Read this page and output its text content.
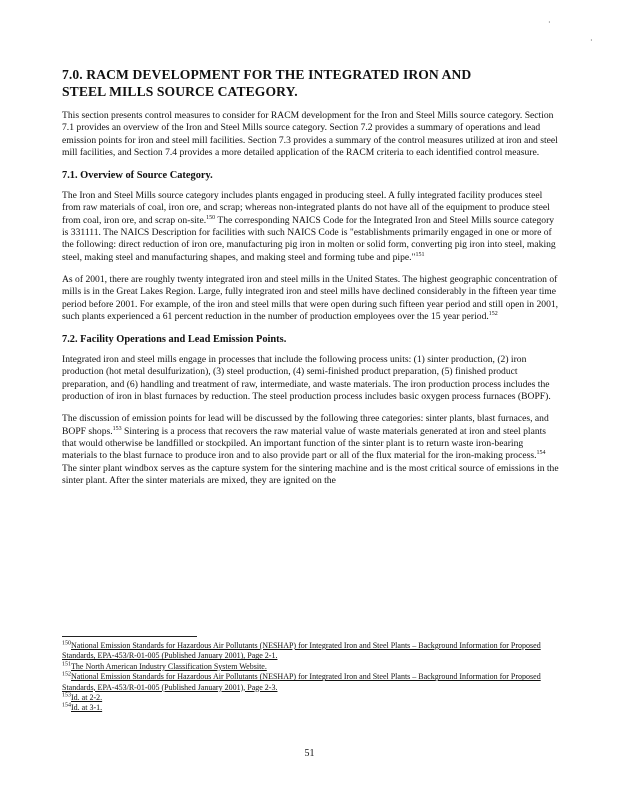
·
·
7.0. RACM DEVELOPMENT FOR THE INTEGRATED IRON AND
STEEL MILLS SOURCE CATEGORY.

This section presents control measures to consider for RACM development for the Iron and Steel Mills source category. Section 7.1 provides an overview of the Iron and Steel Mills source category. Section 7.2 provides a summary of operations and lead emission points for iron and steel mill facilities. Section 7.3 provides a summary of the control measures utilized at iron and steel mill facilities, and Section 7.4 provides a more detailed application of the RACM criteria to each identified control measure.

7.1. Overview of Source Category.

The Iron and Steel Mills source category includes plants engaged in producing steel. A fully integrated facility produces steel from raw materials of coal, iron ore, and scrap; whereas non-integrated plants do not have all of the equipment to produce steel from coal, iron ore, and scrap on-site.$^{150}$ The corresponding NAICS Code for the Integrated Iron and Steel Mills source category is 331111. The NAICS Description for facilities with such NAICS Code is "establishments primarily engaged in one or more of the following: direct reduction of iron ore, manufacturing pig iron in molten or solid form, converting pig iron into steel, making steel, making steel and manufacturing shapes, and making steel and forming tube and pipe."$^{151}$

As of 2001, there are roughly twenty integrated iron and steel mills in the United States. The highest geographic concentration of mills is in the Great Lakes Region. Large, fully integrated iron and steel mills have declined considerably in the fifteen year time period before 2001. For example, of the iron and steel mills that were open during such fifteen year period and still open in 2001, such plants experienced a 61 percent reduction in the number of production employees over the 15 year period.$^{152}$

7.2. Facility Operations and Lead Emission Points.

Integrated iron and steel mills engage in processes that include the following process units: (1) sinter production, (2) iron production (hot metal desulfurization), (3) steel production, (4) semi-finished product preparation, (5) finished product preparation, and (6) handling and treatment of raw, intermediate, and waste materials. The iron production process includes the production of iron in blast furnaces by reduction. The steel production process includes basic oxygen process furnaces (BOPF).

The discussion of emission points for lead will be discussed by the following three categories: sinter plants, blast furnaces, and BOPF shops.$^{153}$ Sintering is a process that recovers the raw material value of waste materials generated at iron and steel plants that would otherwise be landfilled or stockpiled. An important function of the sinter plant is to return waste iron-bearing materials to the blast furnace to produce iron and to also provide part or all of the flux material for the iron-making process.$^{154}$

The sinter plant windbox serves as the capture system for the sintering machine and is the most critical source of emissions in the sinter plant. After the sinter materials are mixed, they are ignited on the

$^{150}$National Emission Standards for Hazardous Air Pollutants (NESHAP) for Integrated Iron and Steel Plants – Background Information for Proposed Standards, EPA-453/R-01-005 (Published January 2001), Page 2-1.

$^{151}$The North American Industry Classification System Website.

$^{152}$National Emission Standards for Hazardous Air Pollutants (NESHAP) for Integrated Iron and Steel Plants – Background Information for Proposed Standards, EPA-453/R-01-005 (Published January 2001), Page 2-3.

$^{153}$Id. at 2-2.

$^{154}$Id. at 3-1.

51
